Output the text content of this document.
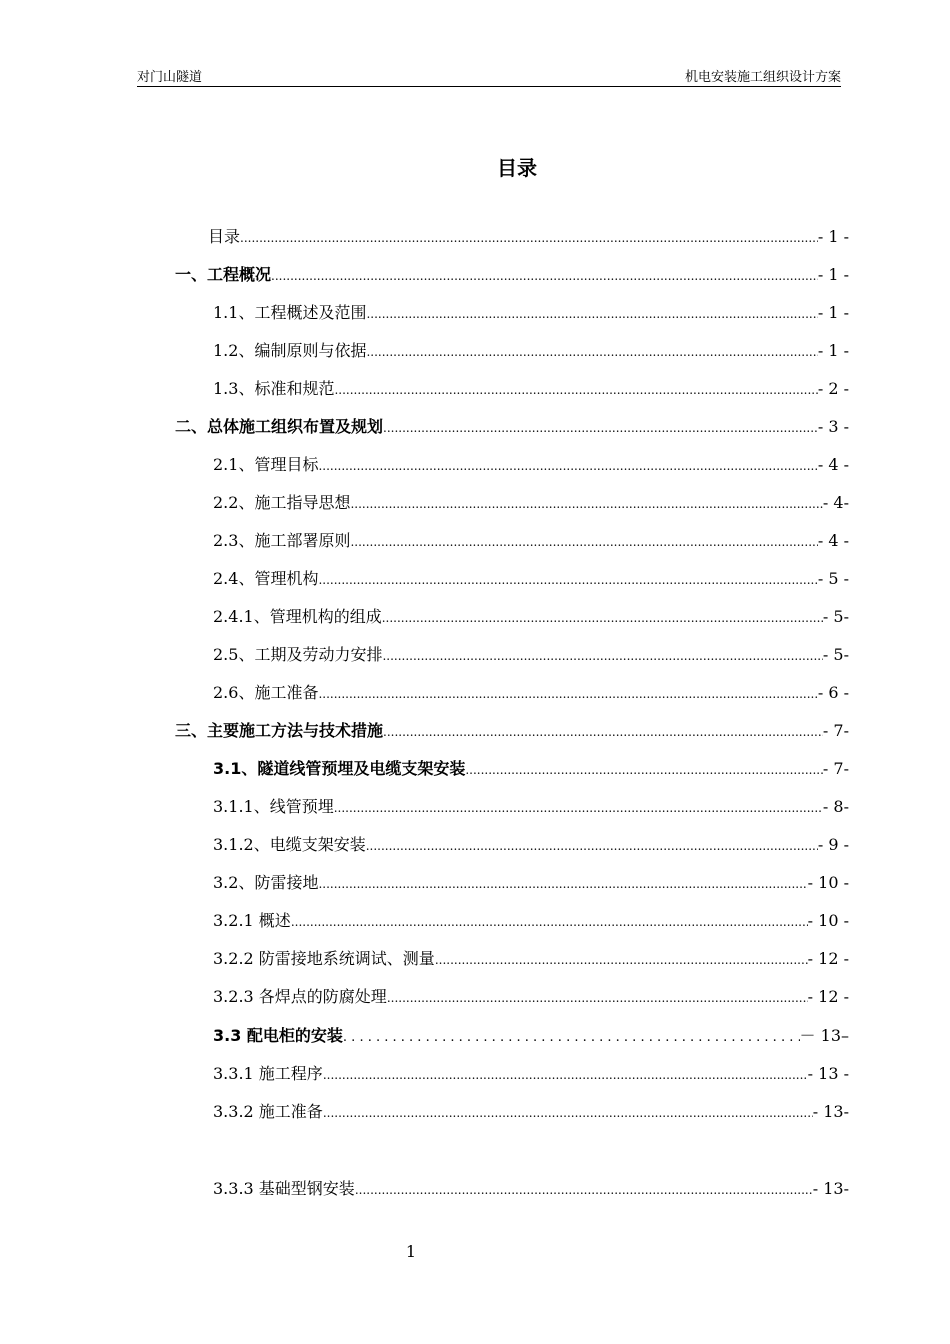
对门山隧道	机电安装施工组织设计方案
目录
目录 .....	- 1 -
一、工程概况 .....	- 1 -
1.1、工程概述及范围 .....	- 1 -
1.2、编制原则与依据 .....	- 1 -
1.3、标准和规范 .....	- 2 -
二、总体施工组织布置及规划 .....	- 3 -
2.1、管理目标 .....	- 4 -
2.2、施工指导思想 .....	- 4-
2.3、施工部署原则 .....	- 4 -
2.4、管理机构 .....	- 5 -
2.4.1、管理机构的组成 .....	- 5-
2.5、工期及劳动力安排 .....	- 5-
2.6、施工准备 .....	- 6 -
三、主要施工方法与技术措施 .....	- 7-
3.1、隧道线管预埋及电缆支架安装 .....	- 7-
3.1.1、线管预埋 .....	- 8-
3.1.2、电缆支架安装 .....	- 9 -
3.2、防雷接地 .....	- 10 -
3.2.1 概述 .....	- 10 -
3.2.2 防雷接地系统调试、测量 .....	- 12 -
3.2.3 各焊点的防腐处理 .....	- 12 -
3.3 配电柜的安装 . . .	－ 13–
3.3.1 施工程序 .....	- 13 -
3.3.2 施工准备 .....	- 13-
3.3.3 基础型钢安装 .....	- 13-
1
